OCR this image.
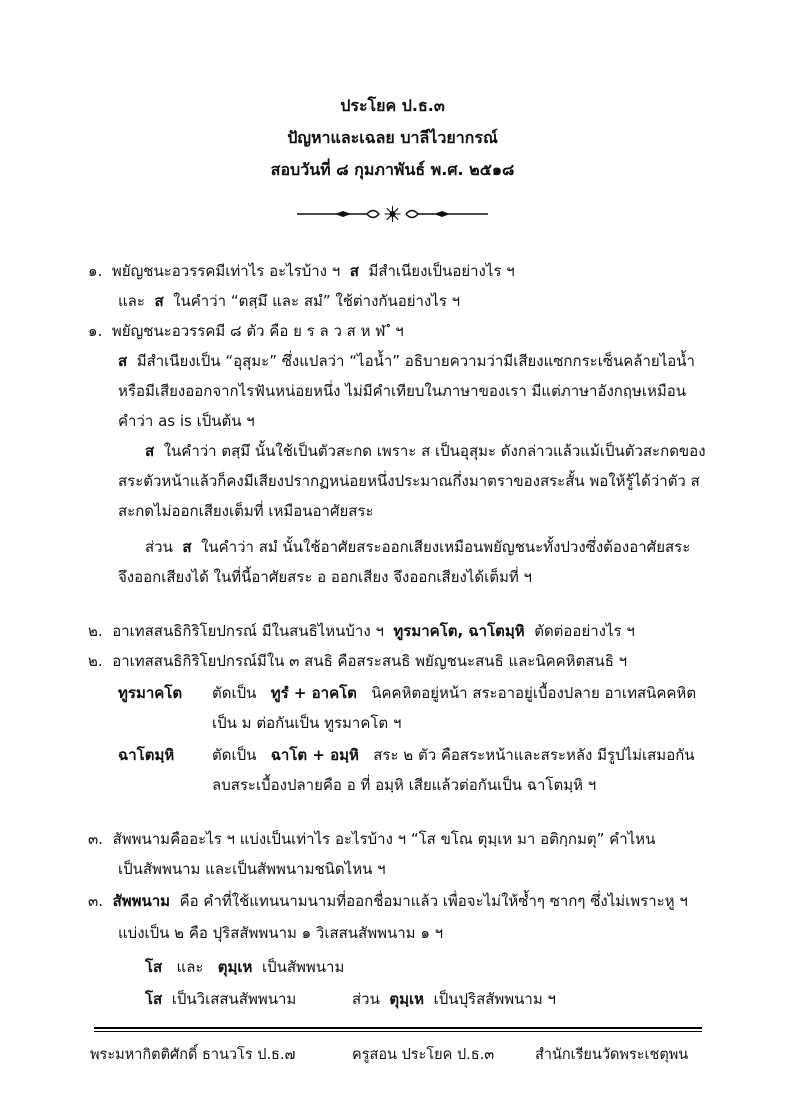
ประโยค ป.ธ.๓
ปัญหาและเฉลย บาลีไวยากรณ์
สอบวันที่ ๘ กุมภาพันธ์ พ.ศ. ๒๕๑๘
๑. พยัญชนะอวรรคมีเท่าไร อะไรบ้าง ฯ ส มีสำเนียงเป็นอย่างไร ฯ
และ ส ในคำว่า “ตสฺมึ และ สมํ” ใช้ต่างกันอย่างไร ฯ
๑. พยัญชนะอวรรคมี ๘ ตัว คือ ย ร ล ว ส ห ฬ ํ ฯ
ส มีสำเนียงเป็น “อุสุมะ” ซึ่งแปลว่า “ไอน้ำ” อธิบายความว่ามีเสียงแซกกระเซ็นคล้ายไอน้ำ
หรือมีเสียงออกจากไรฟันหน่อยหนึ่ง ไม่มีคำเทียบในภาษาของเรา มีแต่ภาษาอังกฤษเหมือน
คำว่า as is เป็นต้น ฯ
ส ในคำว่า ตสฺมึ นั้นใช้เป็นตัวสะกด เพราะ ส เป็นอุสุมะ ดังกล่าวแล้วแม้เป็นตัวสะกดของ
สระตัวหน้าแล้วก็คงมีเสียงปรากฏหน่อยหนึ่งประมาณกึ่งมาตราของสระสั้น พอให้รู้ได้ว่าตัว ส
สะกดไม่ออกเสียงเต็มที่ เหมือนอาศัยสระ
ส่วน ส ในคำว่า สมํ นั้นใช้อาศัยสระออกเสียงเหมือนพยัญชนะทั้งปวงซึ่งต้องอาศัยสระ
จึงออกเสียงได้ ในที่นี้อาศัยสระ อ ออกเสียง จึงออกเสียงได้เต็มที่ ฯ
๒. อาเทสสนธิกิริโยปกรณ์ มีในสนธิไหนบ้าง ฯ ทูรมาคโต, ฉาโตมฺหิ ตัดต่ออย่างไร ฯ
๒. อาเทสสนธิกิริโยปกรณ์มีใน ๓ สนธิ คือสระสนธิ พยัญชนะสนธิ และนิคคหิตสนธิ ฯ
ทูรมาคโต ตัดเป็น ทูรํ + อาคโต นิคคหิตอยู่หน้า สระอาอยู่เบื้องปลาย อาเทสนิคคหิต
เป็น ม ต่อกันเป็น ทูรมาคโต ฯ
ฉาโตมฺหิ	ตัดเป็น ฉาโต + อมฺหิ สระ ๒ ตัว คือสระหน้าและสระหลัง มีรูปไม่เสมอกัน
ลบสระเบื้องปลายคือ อ ที่ อมฺหิ เสียแล้วต่อกันเป็น ฉาโตมฺหิ ฯ
๓. สัพพนามคืออะไร ฯ แบ่งเป็นเท่าไร อะไรบ้าง ฯ “โส ขโณ ตุมฺเห มา อติกฺกมตุ” คำไหน
เป็นสัพพนาม และเป็นสัพพนามชนิดไหน ฯ
๓. สัพพนาม คือ คำที่ใช้แทนนามนามที่ออกชื่อมาแล้ว เพื่อจะไม่ให้ซ้ำๆ ซากๆ ซึ่งไม่เพราะหู ฯ
แบ่งเป็น ๒ คือ ปุริสสัพพนาม ๑ วิเสสนสัพพนาม ๑ ฯ
โส และ ตุมฺเห เป็นสัพพนาม
โส เป็นวิเสสนสัพพนาม	ส่วน ตุมฺเห เป็นปุริสสัพพนาม ฯ
พระมหากิตติศักดิ์ ธานวโร ป.ธ.๗	ครูสอน ประโยค ป.ธ.๓	สำนักเรียนวัดพระเชตุพน
